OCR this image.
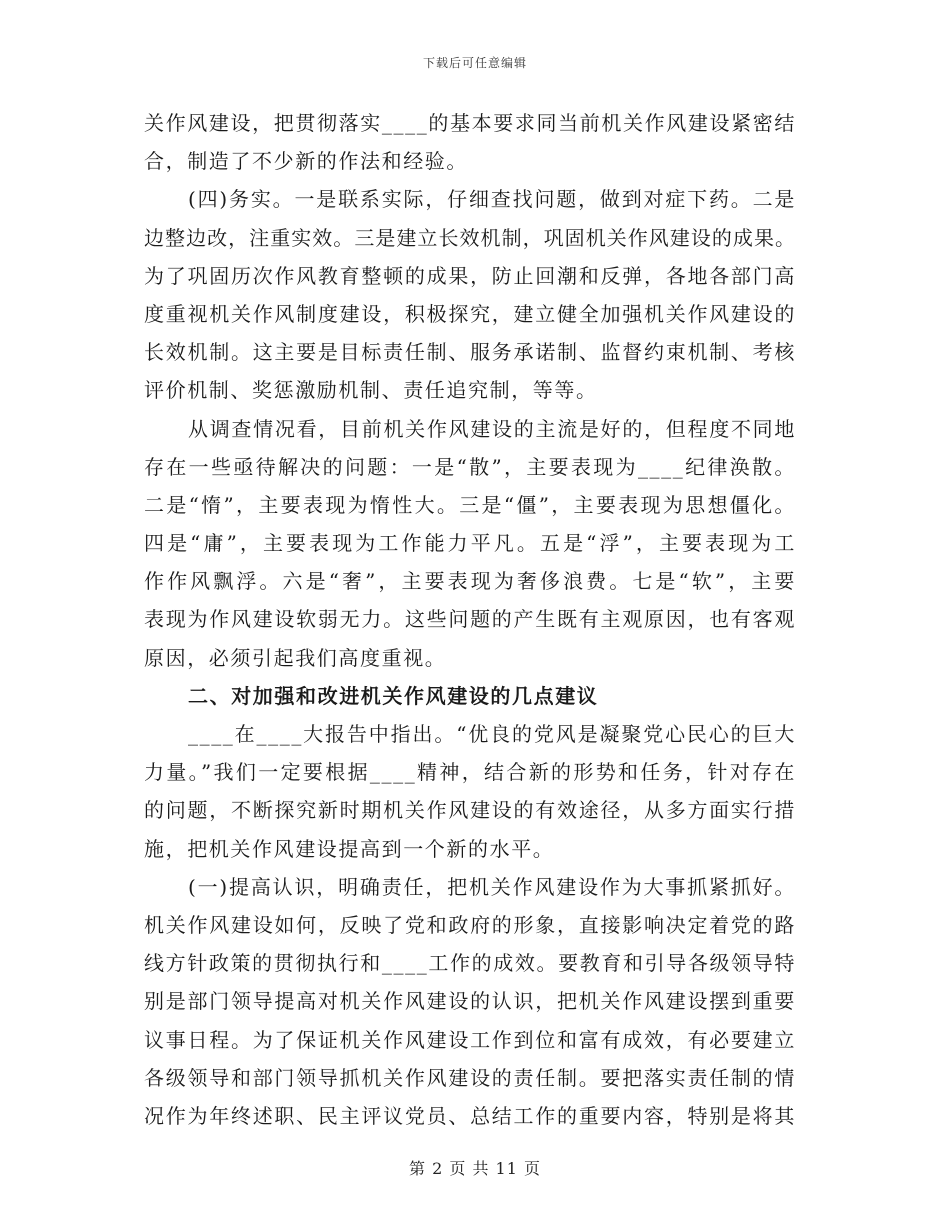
下载后可任意编辑
关作风建设，把贯彻落实____的基本要求同当前机关作风建设紧密结
合，制造了不少新的作法和经验。
(四)务实。一是联系实际，仔细查找问题，做到对症下药。二是
边整边改，注重实效。三是建立长效机制，巩固机关作风建设的成果。
为了巩固历次作风教育整顿的成果，防止回潮和反弹，各地各部门高
度重视机关作风制度建设，积极探究，建立健全加强机关作风建设的
长效机制。这主要是目标责任制、服务承诺制、监督约束机制、考核
评价机制、奖惩激励机制、责任追究制，等等。
从调查情况看，目前机关作风建设的主流是好的，但程度不同地
存在一些亟待解决的问题：一是“散”，主要表现为____纪律涣散。
二是“惰”，主要表现为惰性大。三是“僵”，主要表现为思想僵化。
四是“庸”，主要表现为工作能力平凡。五是“浮”，主要表现为工
作作风飘浮。六是“奢”，主要表现为奢侈浪费。七是“软”，主要
表现为作风建设软弱无力。这些问题的产生既有主观原因，也有客观
原因，必须引起我们高度重视。
二、对加强和改进机关作风建设的几点建议
____在____大报告中指出。“优良的党风是凝聚党心民心的巨大
力量。”我们一定要根据____精神，结合新的形势和任务，针对存在
的问题，不断探究新时期机关作风建设的有效途径，从多方面实行措
施，把机关作风建设提高到一个新的水平。
(一)提高认识，明确责任，把机关作风建设作为大事抓紧抓好。
机关作风建设如何，反映了党和政府的形象，直接影响决定着党的路
线方针政策的贯彻执行和____工作的成效。要教育和引导各级领导特
别是部门领导提高对机关作风建设的认识，把机关作风建设摆到重要
议事日程。为了保证机关作风建设工作到位和富有成效，有必要建立
各级领导和部门领导抓机关作风建设的责任制。要把落实责任制的情
况作为年终述职、民主评议党员、总结工作的重要内容，特别是将其
第 2 页 共 11 页
